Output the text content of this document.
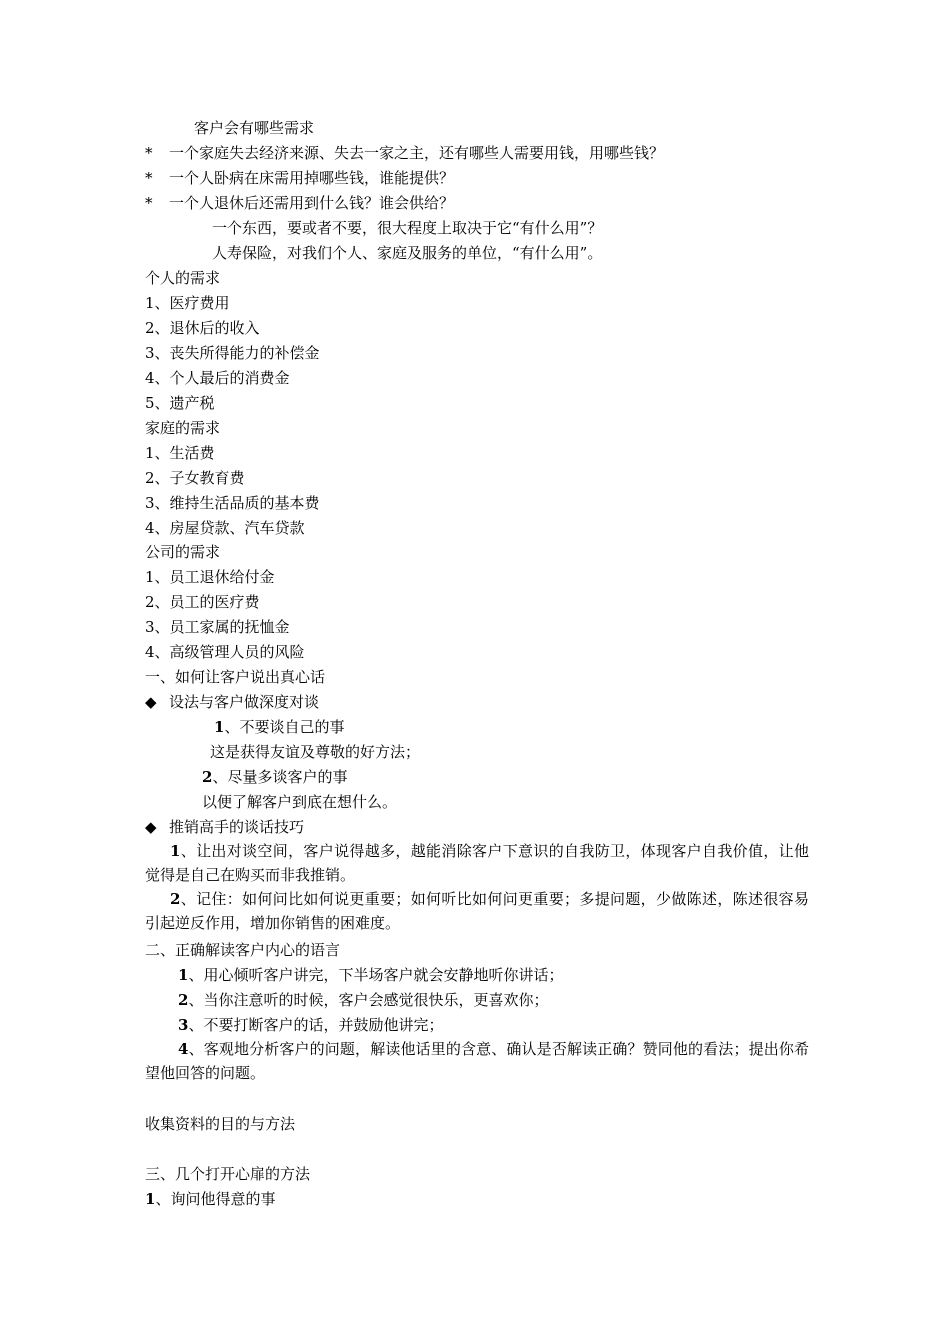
客户会有哪些需求
* 一个家庭失去经济来源、失去一家之主，还有哪些人需要用钱，用哪些钱？
* 一个人卧病在床需用掉哪些钱，谁能提供？
* 一个人退休后还需用到什么钱？谁会供给？
一个东西，要或者不要，很大程度上取决于它“有什么用”？
人寿保险，对我们个人、家庭及服务的单位，“有什么用”。
个人的需求
1、医疗费用
2、退休后的收入
3、丧失所得能力的补偿金
4、个人最后的消费金
5、遗产税
家庭的需求
1、生活费
2、子女教育费
3、维持生活品质的基本费
4、房屋贷款、汽车贷款
公司的需求
1、员工退休给付金
2、员工的医疗费
3、员工家属的抚恤金
4、高级管理人员的风险
一、如何让客户说出真心话
◆ 设法与客户做深度对谈
1、不要谈自己的事
这是获得友谊及尊敬的好方法；
2、尽量多谈客户的事
以便了解客户到底在想什么。
◆ 推销高手的谈话技巧
1、让出对谈空间，客户说得越多，越能消除客户下意识的自我防卫，体现客户自我价值，让他觉得是自己在购买而非我推销。
2、记住：如何问比如何说更重要；如何听比如何问更重要；多提问题，少做陈述，陈述很容易引起逆反作用，增加你销售的困难度。
二、正确解读客户内心的语言
1、用心倾听客户讲完，下半场客户就会安静地听你讲话；
2、当你注意听的时候，客户会感觉很快乐，更喜欢你；
3、不要打断客户的话，并鼓励他讲完；
4、客观地分析客户的问题，解读他话里的含意、确认是否解读正确？赞同他的看法；提出你希望他回答的问题。
收集资料的目的与方法
三、几个打开心扉的方法
1、询问他得意的事
